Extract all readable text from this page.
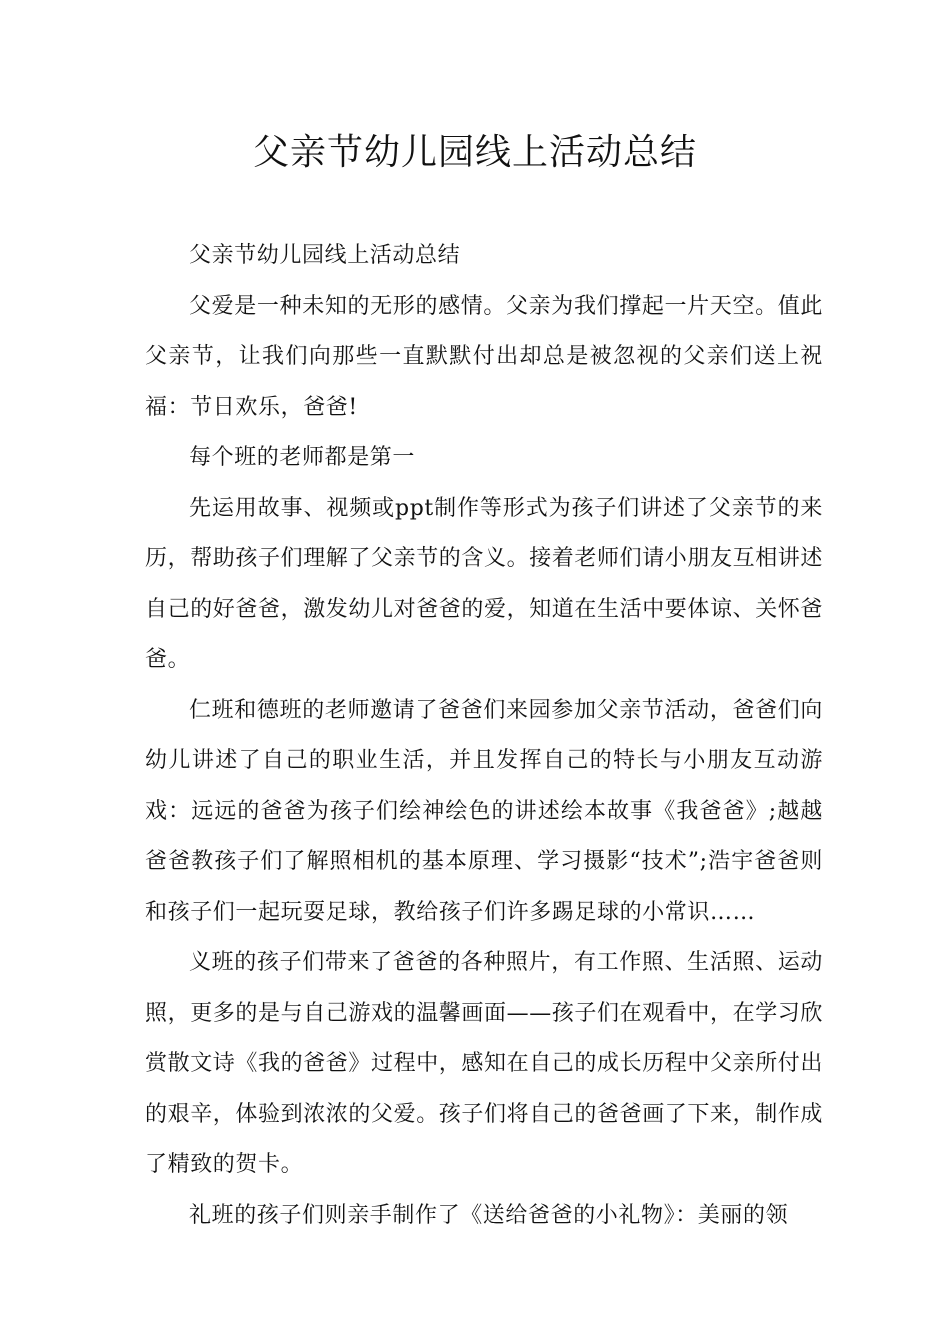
父亲节幼儿园线上活动总结

父亲节幼儿园线上活动总结

父爱是一种未知的无形的感情。父亲为我们撑起一片天空。值此父亲节，让我们向那些一直默默付出却总是被忽视的父亲们送上祝福：节日欢乐，爸爸!

每个班的老师都是第一

先运用故事、视频或ppt制作等形式为孩子们讲述了父亲节的来历，帮助孩子们理解了父亲节的含义。接着老师们请小朋友互相讲述自己的好爸爸，激发幼儿对爸爸的爱，知道在生活中要体谅、关怀爸爸。

仁班和德班的老师邀请了爸爸们来园参加父亲节活动，爸爸们向幼儿讲述了自己的职业生活，并且发挥自己的特长与小朋友互动游戏：远远的爸爸为孩子们绘神绘色的讲述绘本故事《我爸爸》;越越爸爸教孩子们了解照相机的基本原理、学习摄影“技术”;浩宇爸爸则和孩子们一起玩耍足球，教给孩子们许多踢足球的小常识……

义班的孩子们带来了爸爸的各种照片，有工作照、生活照、运动照，更多的是与自己游戏的温馨画面——孩子们在观看中，在学习欣赏散文诗《我的爸爸》过程中，感知在自己的成长历程中父亲所付出的艰辛，体验到浓浓的父爱。孩子们将自己的爸爸画了下来，制作成了精致的贺卡。

礼班的孩子们则亲手制作了《送给爸爸的小礼物》：美丽的领
